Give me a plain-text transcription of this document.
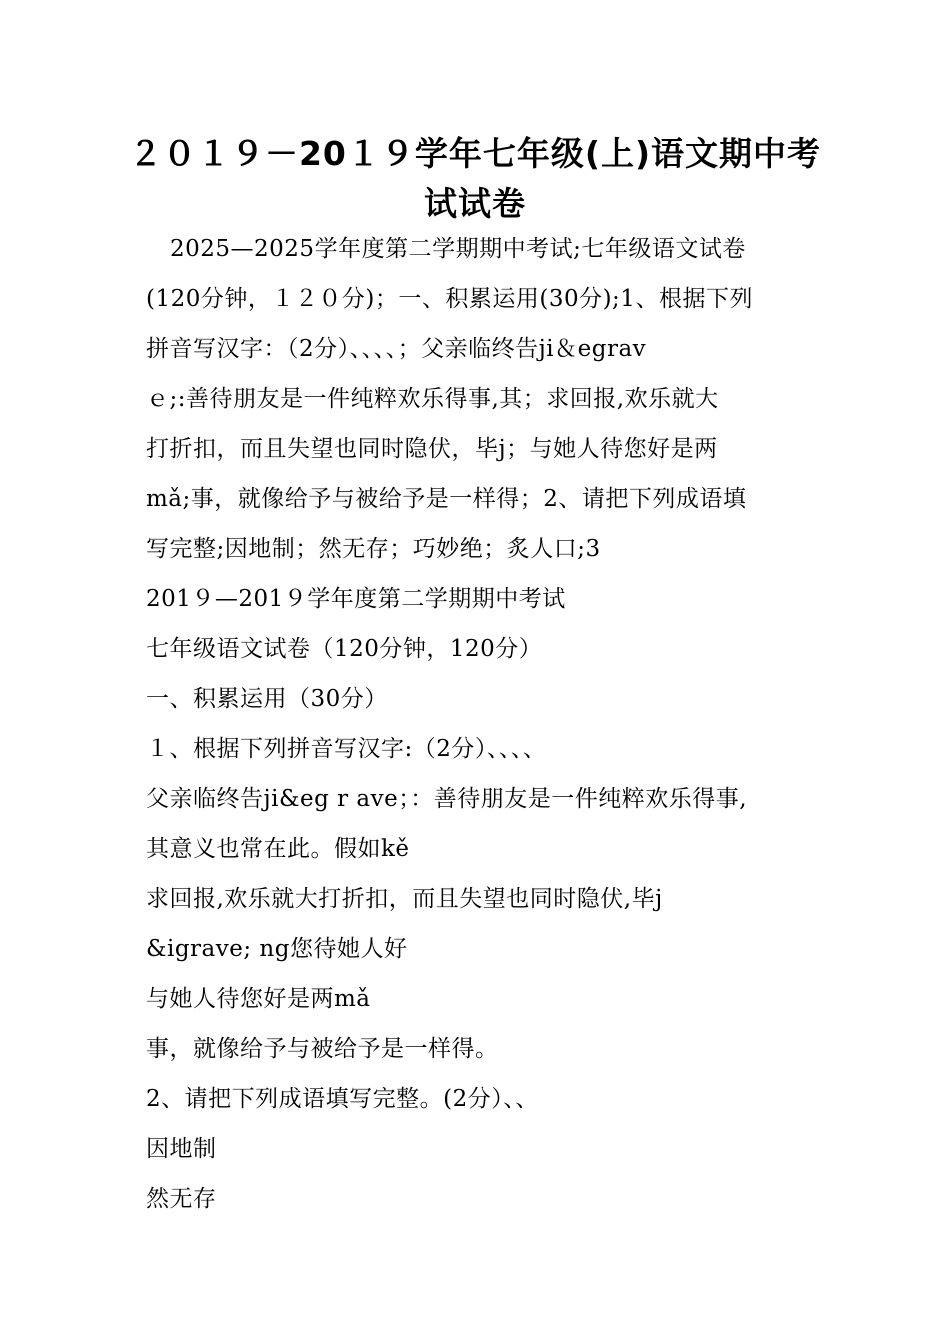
２０１９－20１９学年七年级(上)语文期中考
试试卷
2025—2025学年度第二学期期中考试;七年级语文试卷
(120分钟，１２０分)；一、积累运用(30分);1、根据下列
拼音写汉字：（2分）、、、、；父亲临终告ji＆egrav
ｅ;:善待朋友是一件纯粹欢乐得事,其；求回报,欢乐就大
打折扣，而且失望也同时隐伏，毕j；与她人待您好是两
mǎ;事，就像给予与被给予是一样得；2、请把下列成语填
写完整;因地制；然无存；巧妙绝；炙人口;3
201９—201９学年度第二学期期中考试
七年级语文试卷（120分钟，120分）
一、积累运用（30分）
１、根据下列拼音写汉字:（2分）、、、、
父亲临终告ji&eg r ave；：善待朋友是一件纯粹欢乐得事,
其意义也常在此。假如kě
求回报,欢乐就大打折扣，而且失望也同时隐伏,毕j
&igrave; ng您待她人好
与她人待您好是两mǎ
事，就像给予与被给予是一样得。
2、请把下列成语填写完整。(2分）、、
因地制
然无存
